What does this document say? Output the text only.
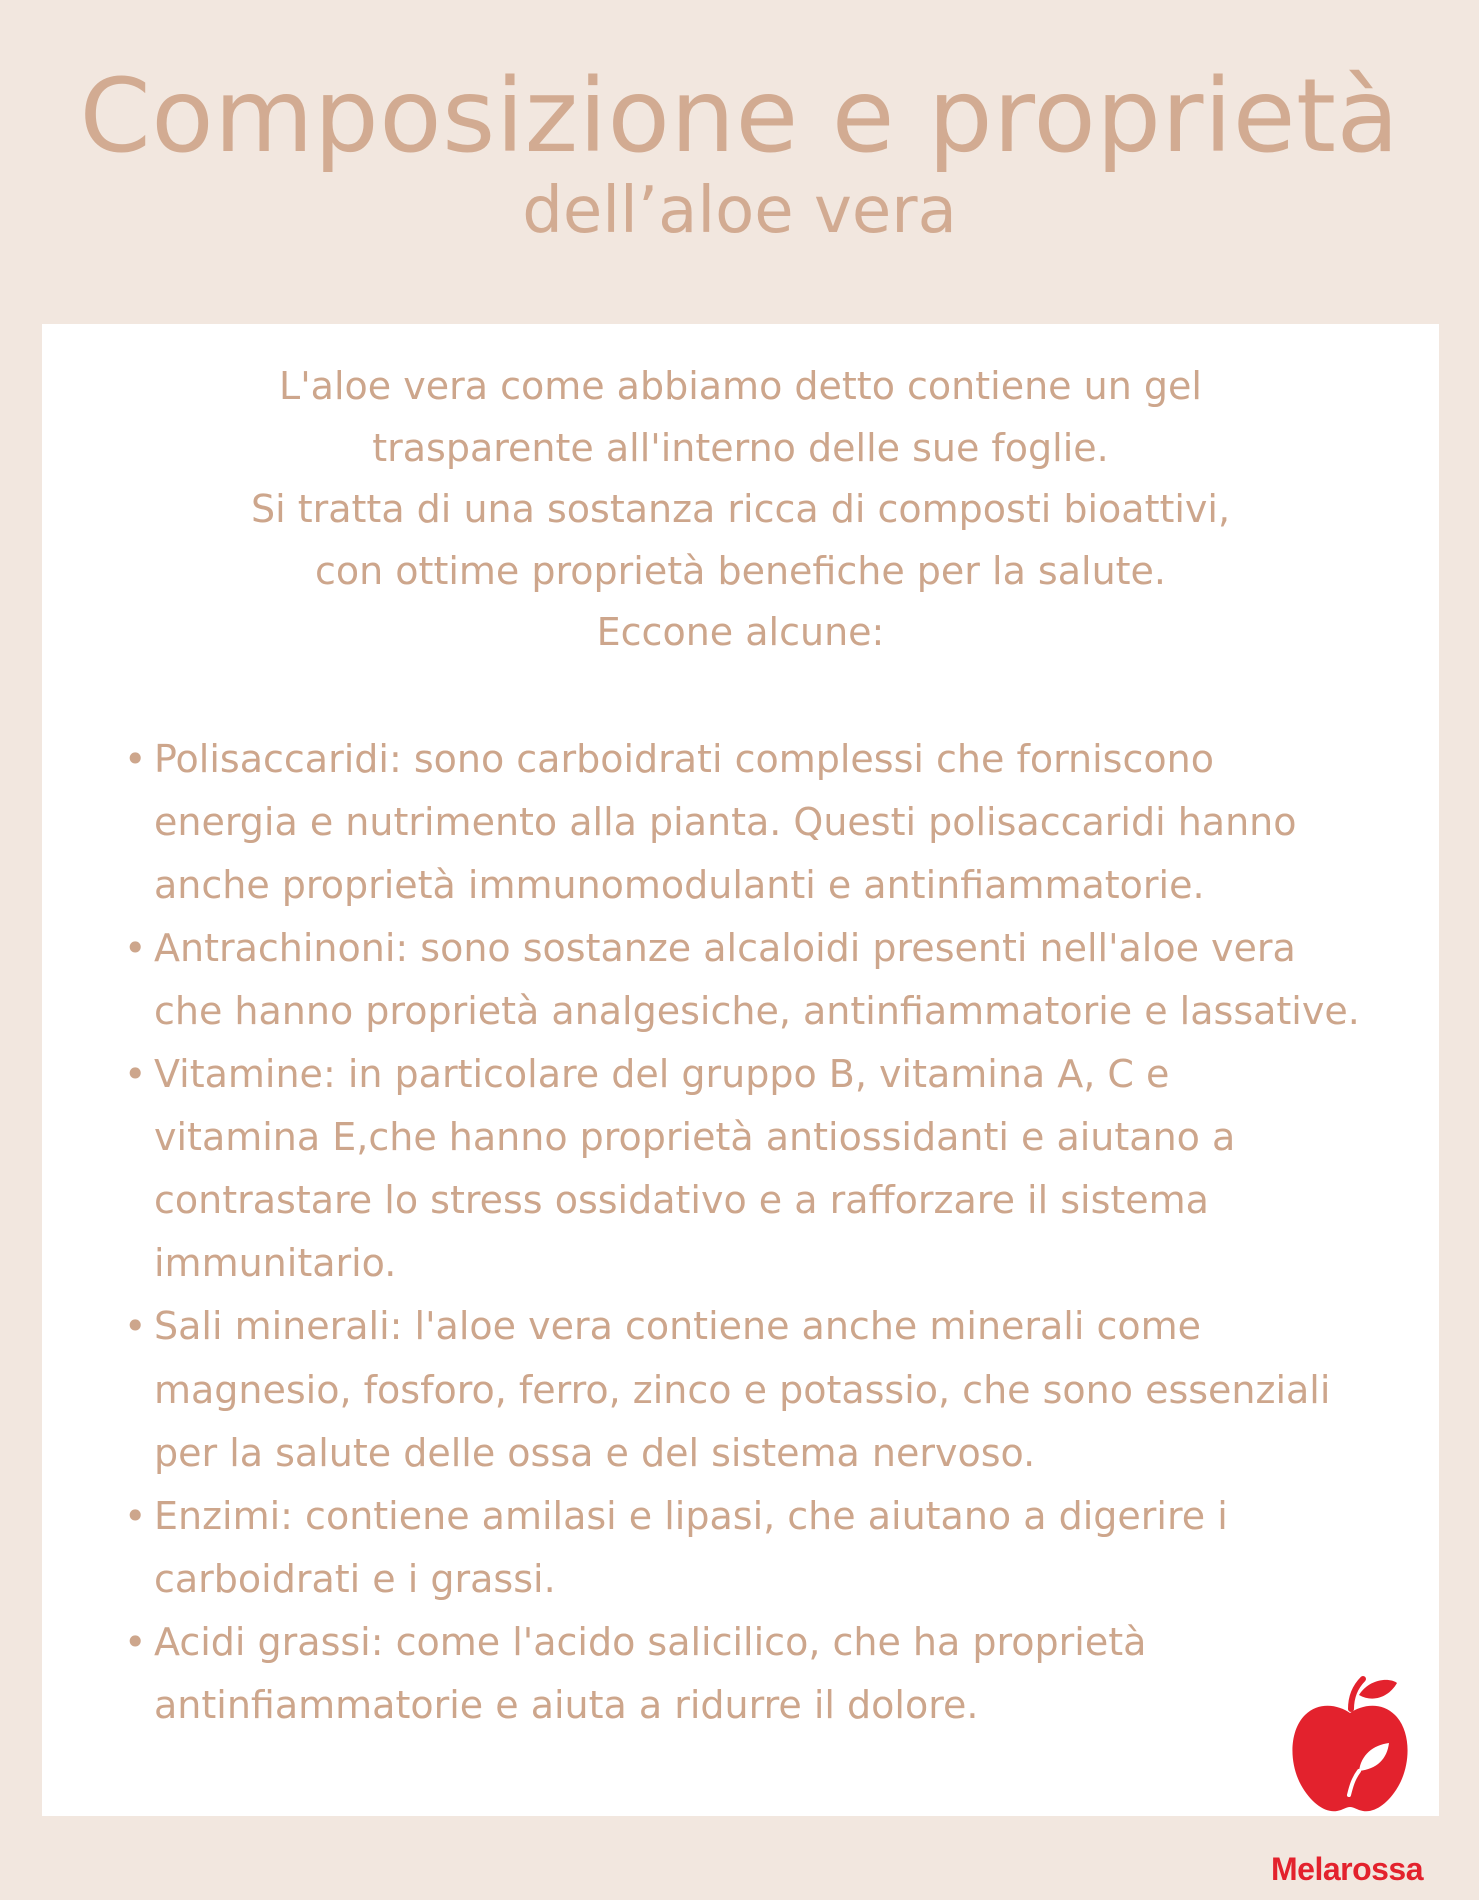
Composizione e proprietà
dell’aloe vera

L'aloe vera come abbiamo detto contiene un gel

trasparente all'interno delle sue foglie.

Si tratta di una sostanza ricca di composti bioattivi,

con ottime proprietà benefiche per la salute.

Eccone alcune:

• Polisaccaridi: sono carboidrati complessi che forniscono
energia e nutrimento alla pianta. Questi polisaccaridi hanno
anche proprietà immunomodulanti e antinfiammatorie.
• Antrachinoni: sono sostanze alcaloidi presenti nell'aloe vera
che hanno proprietà analgesiche, antinfiammatorie e lassative.
• Vitamine: in particolare del gruppo B, vitamina A, C e
vitamina E,che hanno proprietà antiossidanti e aiutano a
contrastare lo stress ossidativo e a rafforzare il sistema
immunitario.
• Sali minerali: l'aloe vera contiene anche minerali come
magnesio, fosforo, ferro, zinco e potassio, che sono essenziali
per la salute delle ossa e del sistema nervoso.
• Enzimi: contiene amilasi e lipasi, che aiutano a digerire i
carboidrati e i grassi.
• Acidi grassi: come l'acido salicilico, che ha proprietà
antinfiammatorie e aiuta a ridurre il dolore.
Melarossa
